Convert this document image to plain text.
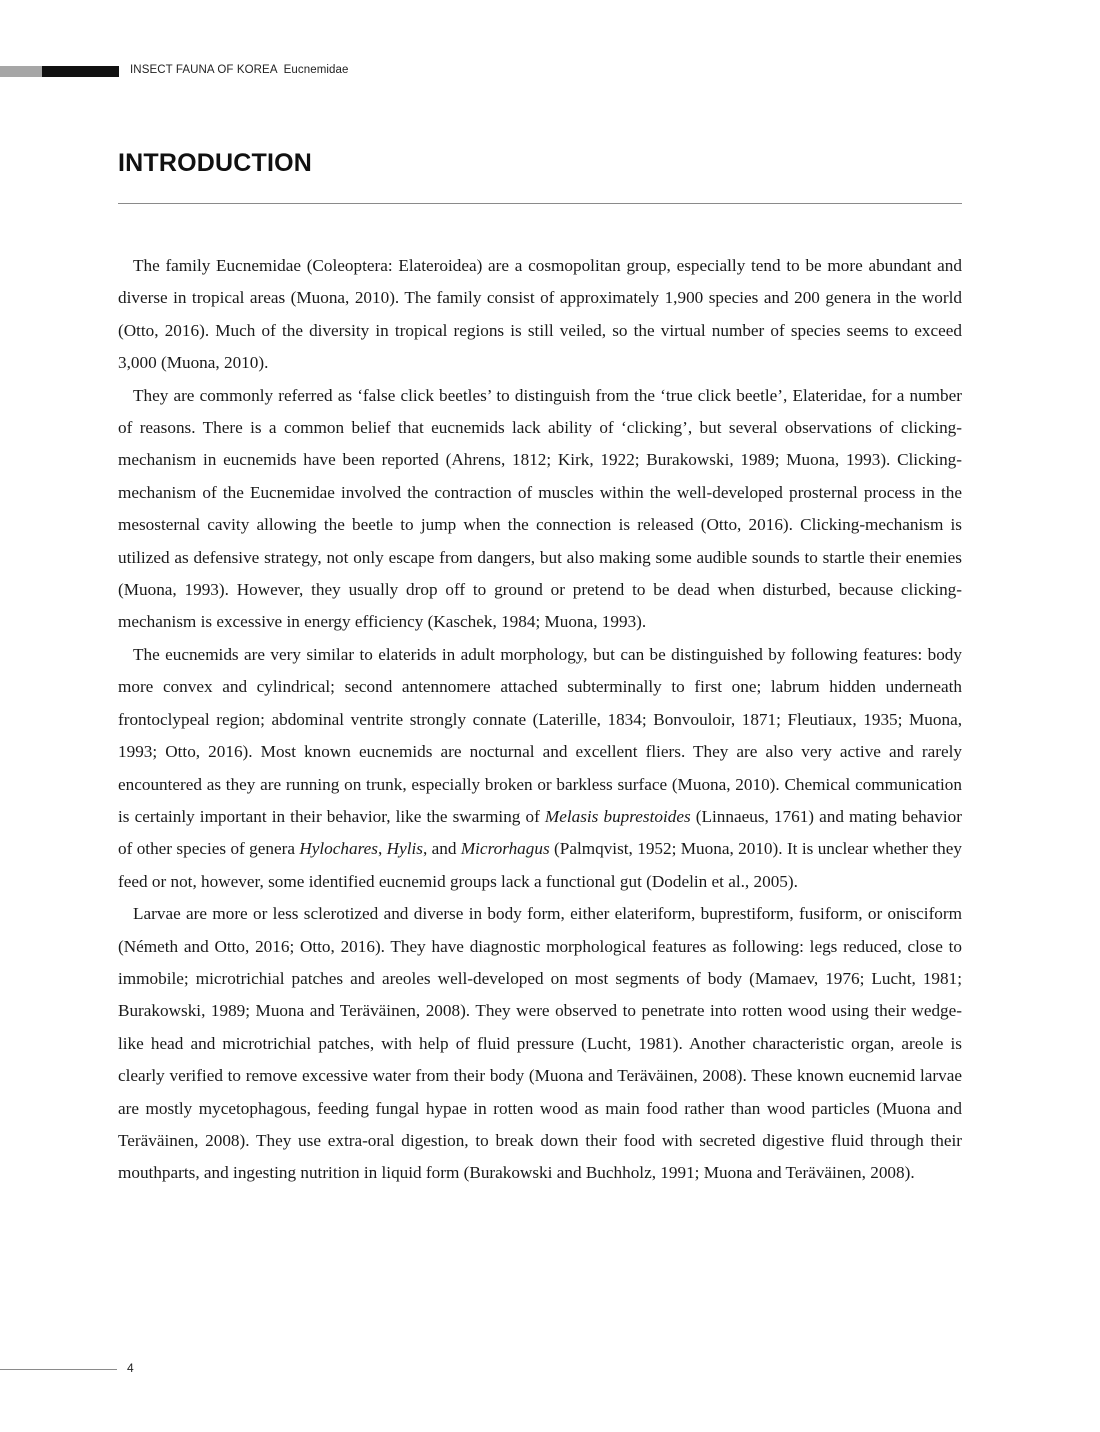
INSECT FAUNA OF KOREA Eucnemidae
INTRODUCTION

The family Eucnemidae (Coleoptera: Elateroidea) are a cosmopolitan group, especially tend to be more abundant and diverse in tropical areas (Muona, 2010). The family consist of approximately 1,900 species and 200 genera in the world (Otto, 2016). Much of the diversity in tropical regions is still veiled, so the virtual number of species seems to exceed 3,000 (Muona, 2010).

They are commonly referred as ‘false click beetles’ to distinguish from the ‘true click beetle’, Elateridae, for a number of reasons. There is a common belief that eucnemids lack ability of ‘clicking’, but several observations of clicking-mechanism in eucnemids have been reported (Ahrens, 1812; Kirk, 1922; Burakowski, 1989; Muona, 1993). Clicking-mechanism of the Eucnemidae involved the contraction of muscles within the well-developed prosternal process in the mesosternal cavity allowing the beetle to jump when the connection is released (Otto, 2016). Clicking-mechanism is utilized as defensive strategy, not only escape from dangers, but also making some audible sounds to startle their enemies (Muona, 1993). However, they usually drop off to ground or pretend to be dead when disturbed, because clicking-mechanism is excessive in energy efficiency (Kaschek, 1984; Muona, 1993).

The eucnemids are very similar to elaterids in adult morphology, but can be distinguished by following features: body more convex and cylindrical; second antennomere attached subterminally to first one; labrum hidden underneath frontoclypeal region; abdominal ventrite strongly connate (Laterille, 1834; Bonvouloir, 1871; Fleutiaux, 1935; Muona, 1993; Otto, 2016). Most known eucnemids are nocturnal and excellent fliers. They are also very active and rarely encountered as they are running on trunk, especially broken or barkless surface (Muona, 2010). Chemical communication is certainly important in their behavior, like the swarming of Melasis buprestoides (Linnaeus, 1761) and mating behavior of other species of genera Hylochares, Hylis, and Microrhagus (Palmqvist, 1952; Muona, 2010). It is unclear whether they feed or not, however, some identified eucnemid groups lack a functional gut (Dodelin et al., 2005).

Larvae are more or less sclerotized and diverse in body form, either elateriform, buprestiform, fusiform, or onisciform (Németh and Otto, 2016; Otto, 2016). They have diagnostic morphological features as following: legs reduced, close to immobile; microtrichial patches and areoles well-developed on most segments of body (Mamaev, 1976; Lucht, 1981; Burakowski, 1989; Muona and Teräväinen, 2008). They were observed to penetrate into rotten wood using their wedge-like head and microtrichial patches, with help of fluid pressure (Lucht, 1981). Another characteristic organ, areole is clearly verified to remove excessive water from their body (Muona and Teräväinen, 2008). These known eucnemid larvae are mostly mycetophagous, feeding fungal hypae in rotten wood as main food rather than wood particles (Muona and Teräväinen, 2008). They use extra-oral digestion, to break down their food with secreted digestive fluid through their mouthparts, and ingesting nutrition in liquid form (Burakowski and Buchholz, 1991; Muona and Teräväinen, 2008).

4
